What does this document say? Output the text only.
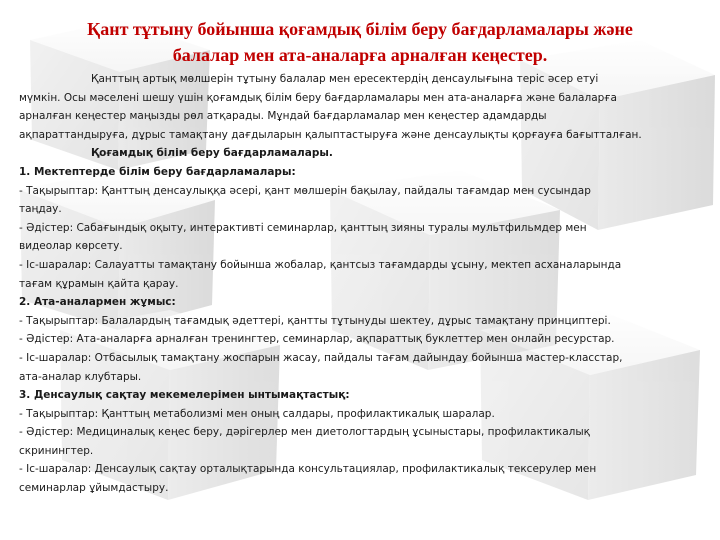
Қант тұтыну бойынша қоғамдық білім беру бағдарламалары және
балалар мен ата-аналарға арналған кеңестер.

Қанттың артық мөлшерін тұтыну балалар мен ересектердің денсаулығына теріс әсер етуі

мүмкін. Осы мәселені шешу үшін қоғамдық білім беру бағдарламалары мен ата-аналарға және балаларға

арналған кеңестер маңызды рөл атқарады. Мұндай бағдарламалар мен кеңестер адамдарды

ақпараттандыруға, дұрыс тамақтану дағдыларын қалыптастыруға және денсаулықты қорғауға бағытталған.

Қоғамдық білім беру бағдарламалары.

1. Мектептерде білім беру бағдарламалары:

- Тақырыптар: Қанттың денсаулыққа әсері, қант мөлшерін бақылау, пайдалы тағамдар мен сусындар

таңдау.

- Әдістер: Сабағындық оқыту, интерактивті семинарлар, қанттың зияны туралы мультфильмдер мен

видеолар көрсету.

- Іс-шаралар: Салауатты тамақтану бойынша жобалар, қантсыз тағамдарды ұсыну, мектеп асханаларында

тағам құрамын қайта қарау.

2. Ата-аналармен жұмыс:

- Тақырыптар: Балалардың тағамдық әдеттері, қантты тұтынуды шектеу, дұрыс тамақтану принциптері.

- Әдістер: Ата-аналарға арналған тренингтер, семинарлар, ақпараттық буклеттер мен онлайн ресурстар.

- Іс-шаралар: Отбасылық тамақтану жоспарын жасау, пайдалы тағам дайындау бойынша мастер-класстар,

ата-аналар клубтары.

3. Денсаулық сақтау мекемелерімен ынтымақтастық:

- Тақырыптар: Қанттың метаболизмі мен оның салдары, профилактикалық шаралар.

- Әдістер: Медициналық кеңес беру, дәрігерлер мен диетологтардың ұсыныстары, профилактикалық

скринингтер.

- Іс-шаралар: Денсаулық сақтау орталықтарында консультациялар, профилактикалық тексерулер мен

семинарлар ұйымдастыру.
